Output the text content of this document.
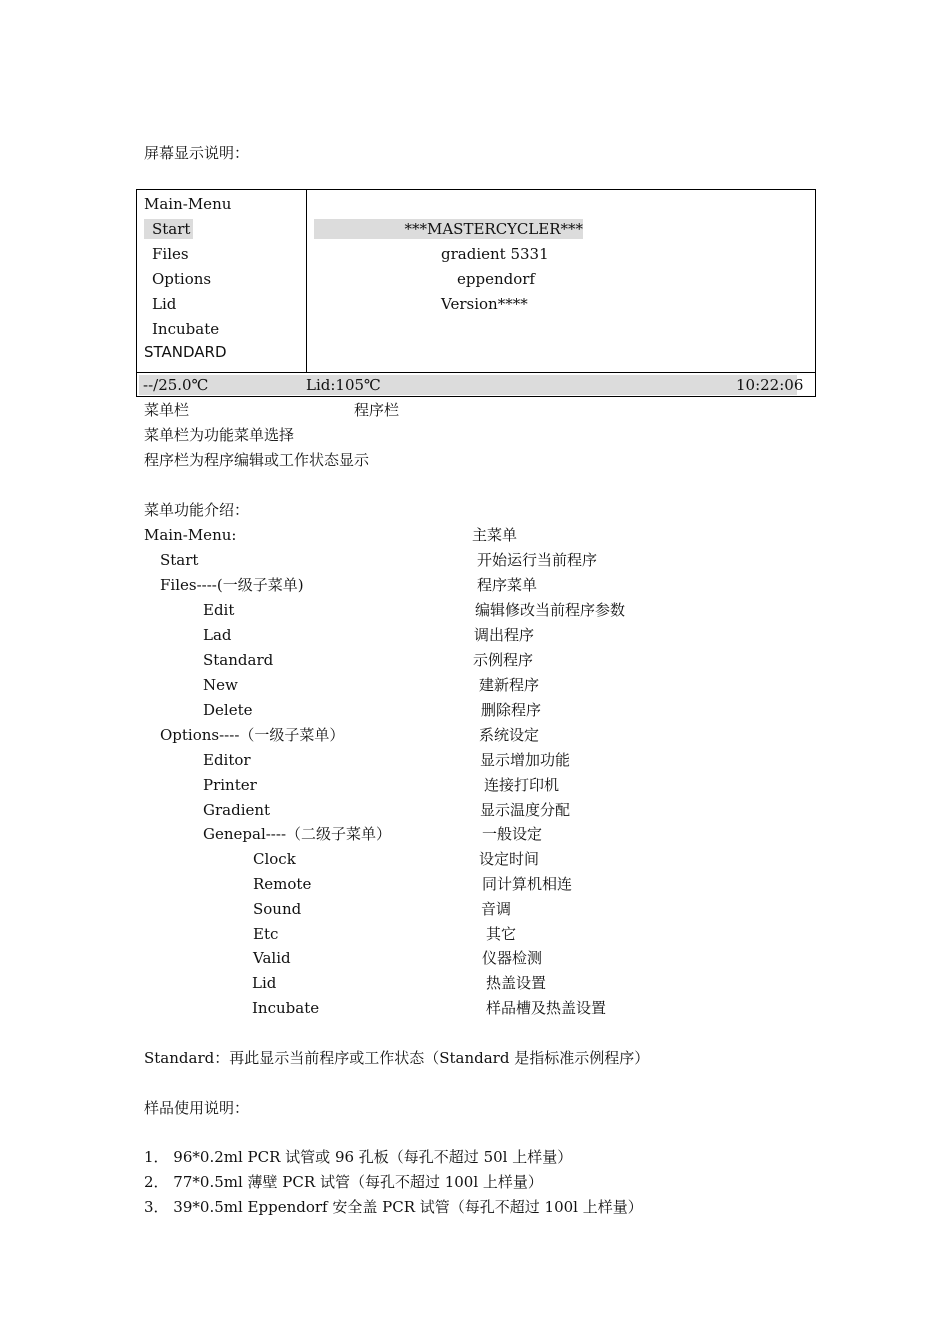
屏幕显示说明：
Main-Menu
Start
Files
Options
Lid
Incubate
STANDARD
***MASTERCYCLER***
gradient 5331
eppendorf
Version****
--/25.0℃	Lid:105℃	10:22:06
菜单栏	程序栏
菜单栏为功能菜单选择
程序栏为程序编辑或工作状态显示
菜单功能介绍：
Main-Menu:	主菜单
Start	开始运行当前程序
Files----(一级子菜单)	程序菜单
Edit	编辑修改当前程序参数
Lad	调出程序
Standard	示例程序
New	建新程序
Delete	删除程序
Options----（一级子菜单）	系统设定
Editor	显示增加功能
Printer	连接打印机
Gradient	显示温度分配
Genepal----（二级子菜单）	一般设定
Clock	设定时间
Remote	同计算机相连
Sound	音调
Etc	其它
Valid	仪器检测
Lid	热盖设置
Incubate	样品槽及热盖设置
Standard：再此显示当前程序或工作状态（Standard 是指标准示例程序）
样品使用说明：
1． 96*0.2ml PCR 试管或 96 孔板（每孔不超过 50l 上样量）
2． 77*0.5ml 薄壁 PCR 试管（每孔不超过 100l 上样量）
3． 39*0.5ml Eppendorf 安全盖 PCR 试管（每孔不超过 100l 上样量）
